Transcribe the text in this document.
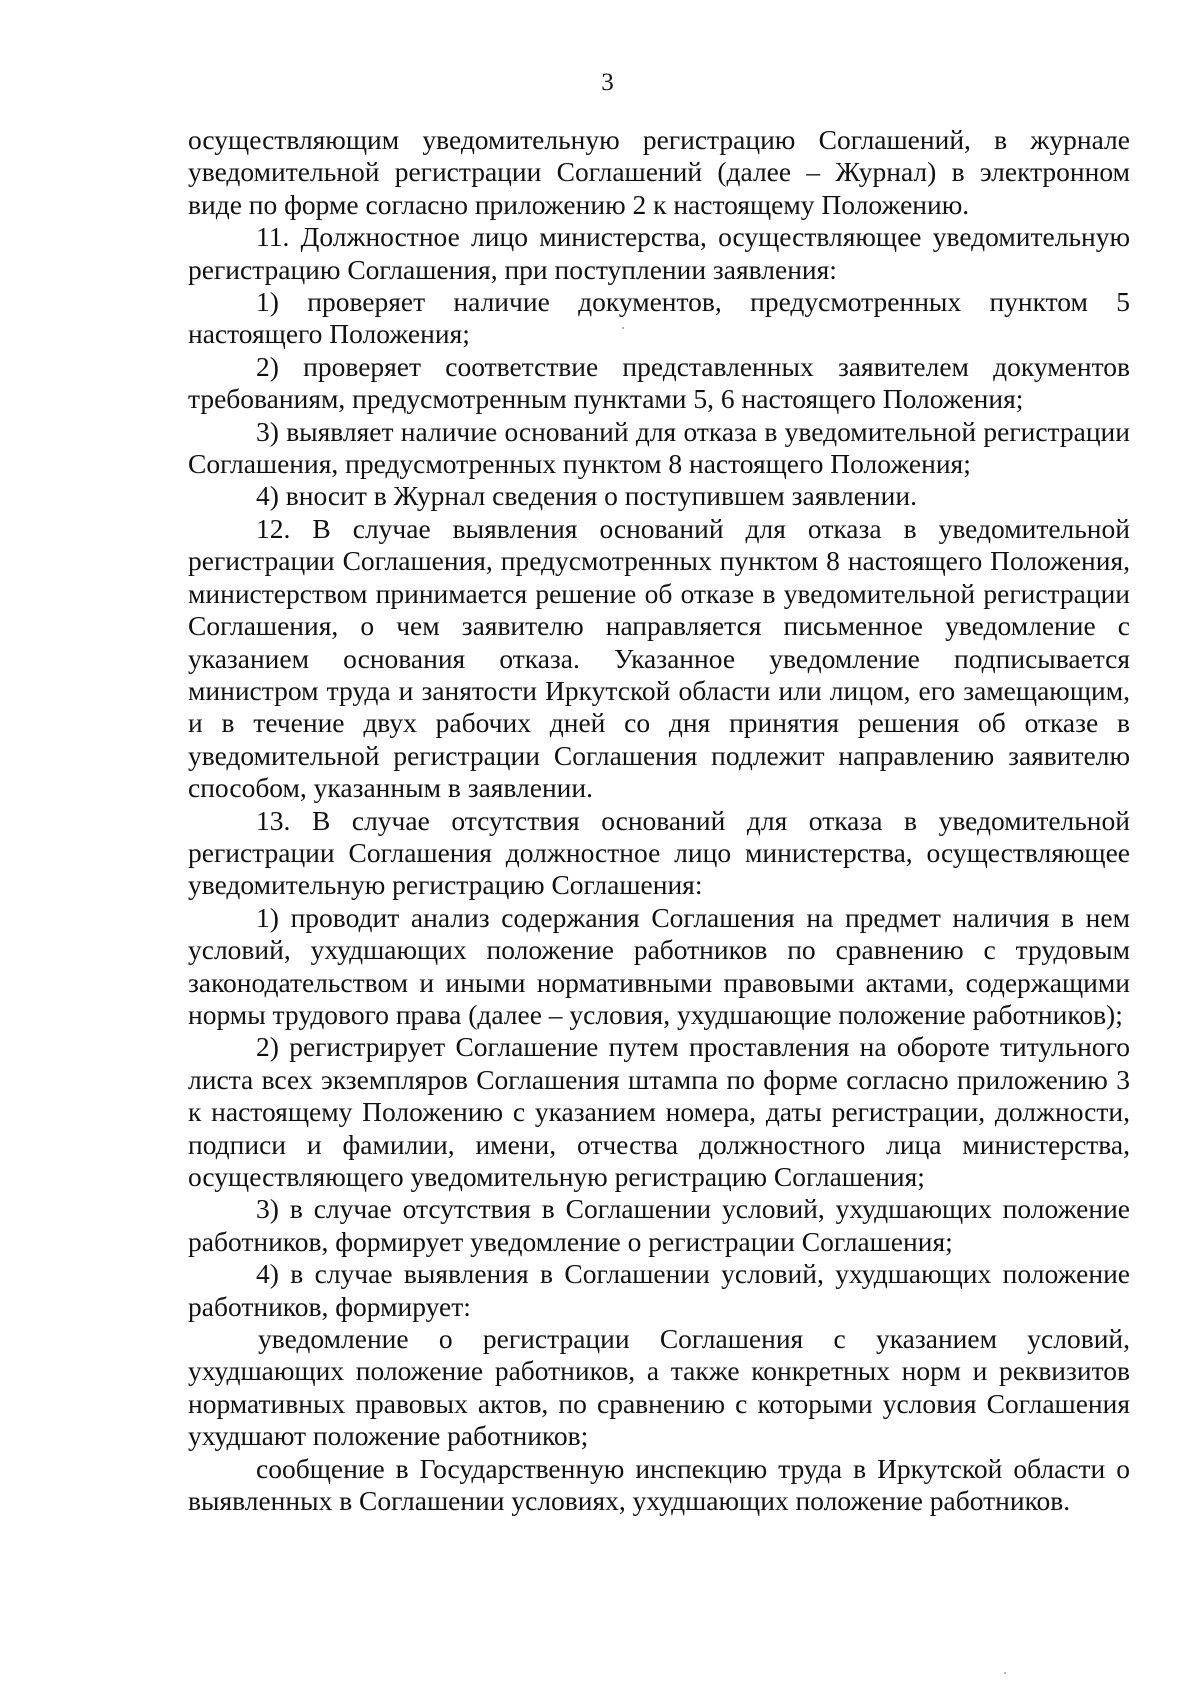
3

осуществляющим уведомительную регистрацию Соглашений, в журнале уведомительной регистрации Соглашений (далее – Журнал) в электронном виде по форме согласно приложению 2 к настоящему Положению.

11. Должностное лицо министерства, осуществляющее уведомительную регистрацию Соглашения, при поступлении заявления:

1) проверяет наличие документов, предусмотренных пунктом 5 настоящего Положения;

2) проверяет соответствие представленных заявителем документов требованиям, предусмотренным пунктами 5, 6 настоящего Положения;

3) выявляет наличие оснований для отказа в уведомительной регистрации Соглашения, предусмотренных пунктом 8 настоящего Положения;

4) вносит в Журнал сведения о поступившем заявлении.

12. В случае выявления оснований для отказа в уведомительной регистрации Соглашения, предусмотренных пунктом 8 настоящего Положения, министерством принимается решение об отказе в уведомительной регистрации Соглашения, о чем заявителю направляется письменное уведомление с указанием основания отказа. Указанное уведомление подписывается министром труда и занятости Иркутской области или лицом, его замещающим, и в течение двух рабочих дней со дня принятия решения об отказе в уведомительной регистрации Соглашения подлежит направлению заявителю способом, указанным в заявлении.

13. В случае отсутствия оснований для отказа в уведомительной регистрации Соглашения должностное лицо министерства, осуществляющее уведомительную регистрацию Соглашения:

1) проводит анализ содержания Соглашения на предмет наличия в нем условий, ухудшающих положение работников по сравнению с трудовым законодательством и иными нормативными правовыми актами, содержащими нормы трудового права (далее – условия, ухудшающие положение работников);

2) регистрирует Соглашение путем проставления на обороте титульного листа всех экземпляров Соглашения штампа по форме согласно приложению 3 к настоящему Положению с указанием номера, даты регистрации, должности, подписи и фамилии, имени, отчества должностного лица министерства, осуществляющего уведомительную регистрацию Соглашения;

3) в случае отсутствия в Соглашении условий, ухудшающих положение работников, формирует уведомление о регистрации Соглашения;

4) в случае выявления в Соглашении условий, ухудшающих положение работников, формирует:

уведомление о регистрации Соглашения с указанием условий, ухудшающих положение работников, а также конкретных норм и реквизитов нормативных правовых актов, по сравнению с которыми условия Соглашения ухудшают положение работников;

сообщение в Государственную инспекцию труда в Иркутской области о выявленных в Соглашении условиях, ухудшающих положение работников.
